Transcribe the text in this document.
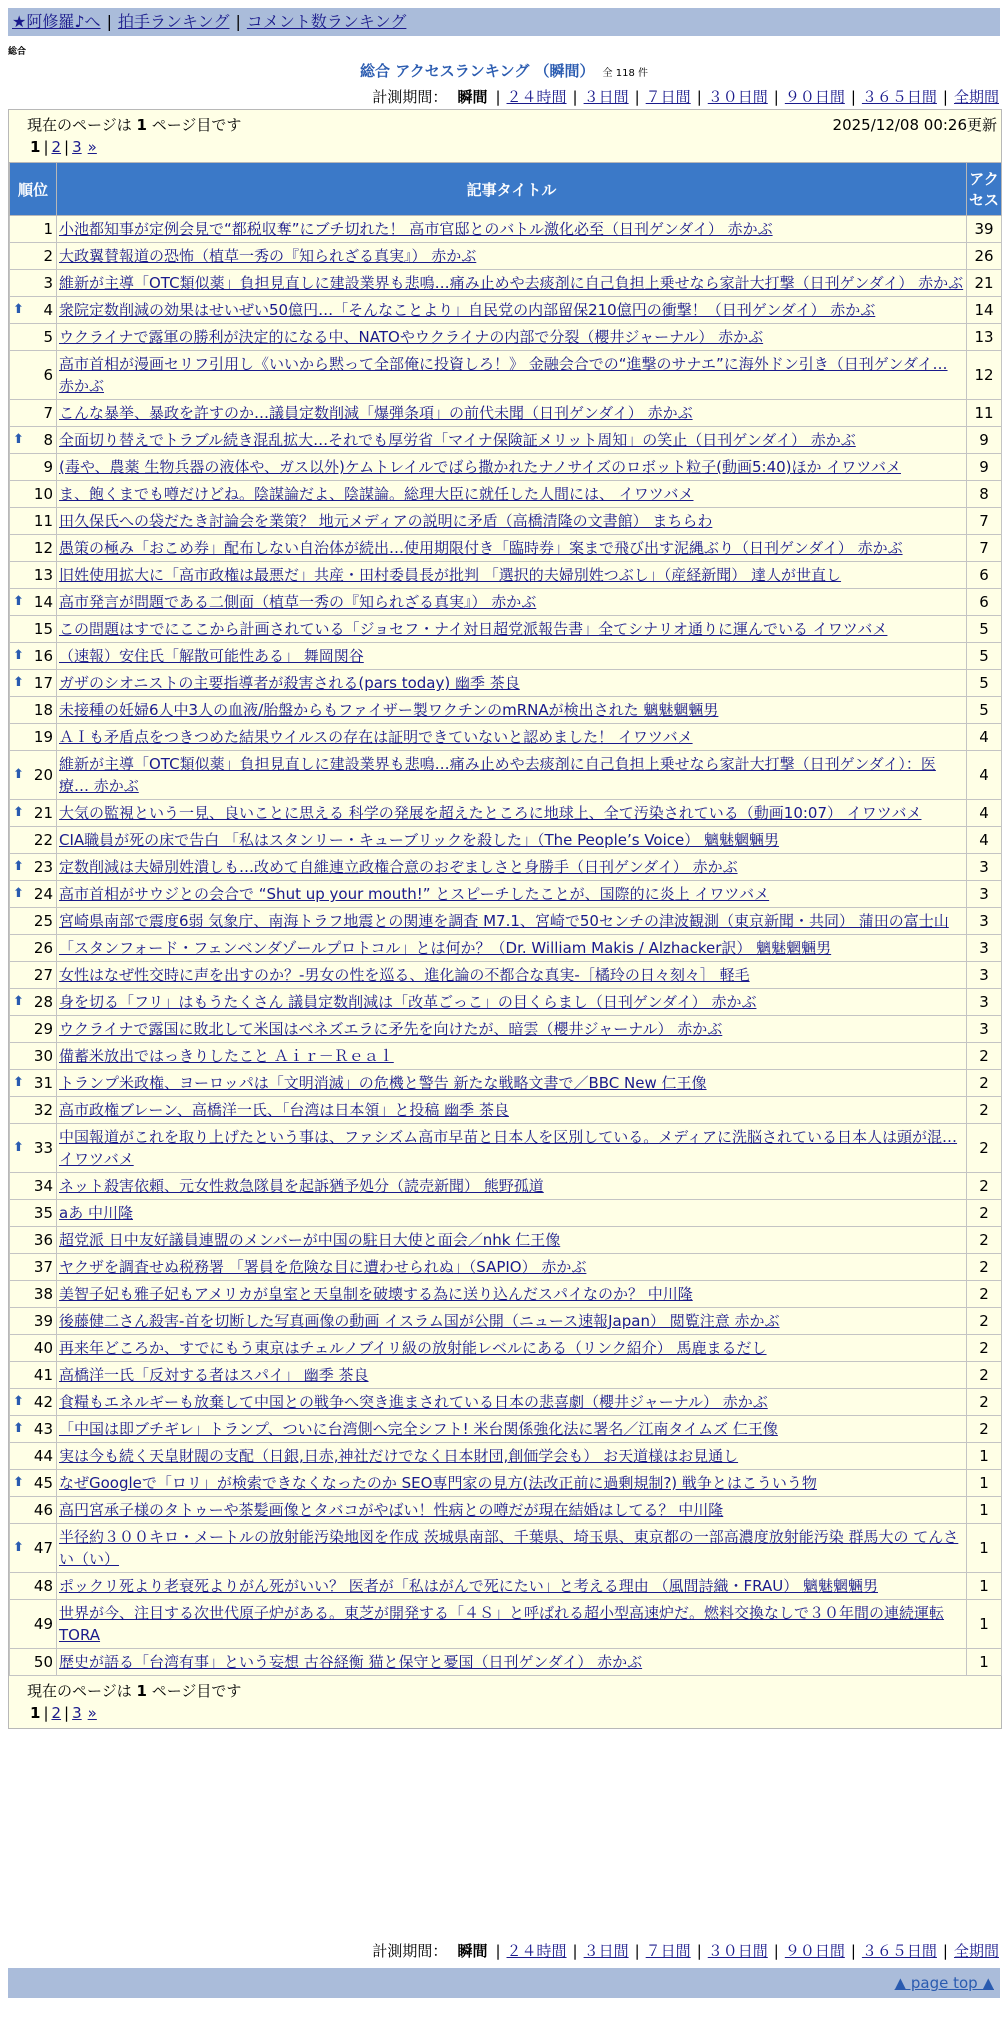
★阿修羅♪へ | 拍手ランキング | コメント数ランキング
総合
総合 アクセスランキング （瞬間） 全 118 件
計測期間： 瞬間 | ２４時間 | ３日間 | ７日間 | ３０日間 | ９０日間 | ３６５日間 | 全期間
現在のページは 1 ページ目です	2025/12/08 00:26更新
1 | 2 | 3 »
順位	記事タイトル	アクセス
1	小池都知事が定例会見で“都税収奪”にブチ切れた！ 高市官邸とのバトル激化必至（日刊ゲンダイ） 赤かぶ	39
2	大政翼賛報道の恐怖（植草一秀の『知られざる真実』） 赤かぶ	26
3	維新が主導「OTC類似薬」負担見直しに建設業界も悲鳴…痛み止めや去痰剤に自己負担上乗せなら家計大打撃（日刊ゲンダイ） 赤かぶ	21

⬆ 4	衆院定数削減の効果はせいぜい50億円…「そんなことより」自民党の内部留保210億円の衝撃！（日刊ゲンダイ） 赤かぶ	14
5	ウクライナで露軍の勝利が決定的になる中、NATOやウクライナの内部で分裂（櫻井ジャーナル） 赤かぶ	13
6	高市首相が漫画セリフ引用し《いいから黙って全部俺に投資しろ！》 金融会合での“進撃のサナエ”に海外ドン引き（日刊ゲンダイ… 赤かぶ	12
7	こんな暴挙、暴政を許すのか…議員定数削減「爆弾条項」の前代未聞（日刊ゲンダイ） 赤かぶ	11

⬆ 8	全面切り替えでトラブル続き混乱拡大…それでも厚労省「マイナ保険証メリット周知」の笑止（日刊ゲンダイ） 赤かぶ	9
9	(毒や、農薬 生物兵器の液体や、ガス以外)ケムトレイルでばら撒かれたナノサイズのロボット粒子(動画5:40)ほか イワツバメ	9
10	ま、飽くまでも噂だけどね。陰謀論だよ、陰謀論。総理大臣に就任した人間には、 イワツバメ	8
11	田久保氏への袋だたき討論会を業策？ 地元メディアの説明に矛盾（高橋清隆の文書館） まちらわ	7
12	愚策の極み「おこめ券」配布しない自治体が続出…使用期限付き「臨時券」案まで飛び出す泥縄ぶり（日刊ゲンダイ） 赤かぶ	7
13	旧姓使用拡大に「高市政権は最悪だ」共産・田村委員長が批判 「選択的夫婦別姓つぶし」（産経新聞） 達人が世直し	6

⬆ 14	高市発言が問題である二側面（植草一秀の『知られざる真実』） 赤かぶ	6
15	この問題はすでにここから計画されている「ジョセフ・ナイ対日超党派報告書」全てシナリオ通りに運んでいる イワツバメ	5

⬆ 16	（速報）安住氏「解散可能性ある」 舞岡関谷	5

⬆ 17	ガザのシオニストの主要指導者が殺害される(pars today) 幽季 茶良	5
18	未接種の妊婦6人中3人の血液/胎盤からもファイザー製ワクチンのmRNAが検出された 魑魅魍魎男	5
19	ＡＩも矛盾点をつきつめた結果ウイルスの存在は証明できていないと認めました！ イワツバメ	4

⬆ 20	維新が主導「OTC類似薬」負担見直しに建設業界も悲鳴…痛み止めや去痰剤に自己負担上乗せなら家計大打撃（日刊ゲンダイ）：医療… 赤かぶ	4

⬆ 21	大気の監視という一見、良いことに思える 科学の発展を超えたところに地球上、全て汚染されている（動画10:07） イワツバメ	4
22	CIA職員が死の床で告白 「私はスタンリー・キューブリックを殺した」（The People’s Voice） 魑魅魍魎男	4

⬆ 23	定数削減は夫婦別姓潰しも…改めて自維連立政権合意のおぞましさと身勝手（日刊ゲンダイ） 赤かぶ	3

⬆ 24	高市首相がサウジとの会合で “Shut up your mouth!” とスピーチしたことが、国際的に炎上 イワツバメ	3
25	宮崎県南部で震度6弱 気象庁、南海トラフ地震との関連を調査 M7.1、宮崎で50センチの津波観測（東京新聞・共同） 蒲田の富士山	3
26	「スタンフォード・フェンベンダゾールプロトコル」とは何か？（Dr. William Makis / Alzhacker訳） 魑魅魍魎男	3
27	女性はなぜ性交時に声を出すのか？-男女の性を巡る、進化論の不都合な真実-［橘玲の日々刻々］ 軽毛	3

⬆ 28	身を切る「フリ」はもうたくさん 議員定数削減は「改革ごっこ」の目くらまし（日刊ゲンダイ） 赤かぶ	3
29	ウクライナで露国に敗北して米国はベネズエラに矛先を向けたが、暗雲（櫻井ジャーナル） 赤かぶ	3
30	備蓄米放出ではっきりしたこと Ａｉｒ－Ｒｅａｌ	2

⬆ 31	トランプ米政権、ヨーロッパは「文明消滅」の危機と警告 新たな戦略文書で／BBC New 仁王像	2
32	高市政権ブレーン、高橋洋一氏、「台湾は日本領」と投稿 幽季 茶良	2

⬆ 33	中国報道がこれを取り上げたという事は、ファシズム高市早苗と日本人を区別している。メディアに洗脳されている日本人は頭が混… イワツバメ	2
34	ネット殺害依頼、元女性救急隊員を起訴猶予処分（読売新聞） 熊野孤道	2
35	aあ 中川隆	2
36	超党派 日中友好議員連盟のメンバーが中国の駐日大使と面会／nhk 仁王像	2
37	ヤクザを調査せぬ税務署 「署員を危険な目に遭わせられぬ」（SAPIO） 赤かぶ	2
38	美智子妃も雅子妃もアメリカが皇室と天皇制を破壊する為に送り込んだスパイなのか？ 中川隆	2
39	後藤健二さん殺害-首を切断した写真画像の動画 イスラム国が公開（ニュース速報Japan） 閲覧注意 赤かぶ	2
40	再来年どころか、すでにもう東京はチェルノブイリ級の放射能レベルにある（リンク紹介） 馬鹿まるだし	2
41	高橋洋一氏「反対する者はスパイ」 幽季 茶良	2

⬆ 42	食糧もエネルギーも放棄して中国との戦争へ突き進まされている日本の悲喜劇（櫻井ジャーナル） 赤かぶ	2

⬆ 43	「中国は即ブチギレ」トランプ、ついに台湾側へ完全シフト! 米台関係強化法に署名／江南タイムズ 仁王像	2
44	実は今も続く天皇財閥の支配（日銀,日赤,神社だけでなく日本財団,創価学会も） お天道様はお見通し	1

⬆ 45	なぜGoogleで「ロリ」が検索できなくなったのか SEO専門家の見方(法改正前に過剰規制?) 戦争とはこういう物	1
46	高円宮承子様のタトゥーや茶髪画像とタバコがやばい！性病との噂だが現在結婚はしてる？ 中川隆	1

⬆ 47	半径約３００キロ・メートルの放射能汚染地図を作成 茨城県南部、千葉県、埼玉県、東京都の一部高濃度放射能汚染 群馬大の てんさい（い）	1
48	ポックリ死より老衰死よりがん死がいい？ 医者が「私はがんで死にたい」と考える理由 （風間詩織・FRAU） 魑魅魍魎男	1
49	世界が今、注目する次世代原子炉がある。東芝が開発する「４Ｓ」と呼ばれる超小型高速炉だ。燃料交換なしで３０年間の連続運転 TORA	1
50	歴史が語る「台湾有事」という妄想 古谷経衡 猫と保守と憂国（日刊ゲンダイ） 赤かぶ	1
現在のページは 1 ページ目です
1 | 2 | 3 »
計測期間： 瞬間 | ２４時間 | ３日間 | ７日間 | ３０日間 | ９０日間 | ３６５日間 | 全期間
▲ page top ▲
